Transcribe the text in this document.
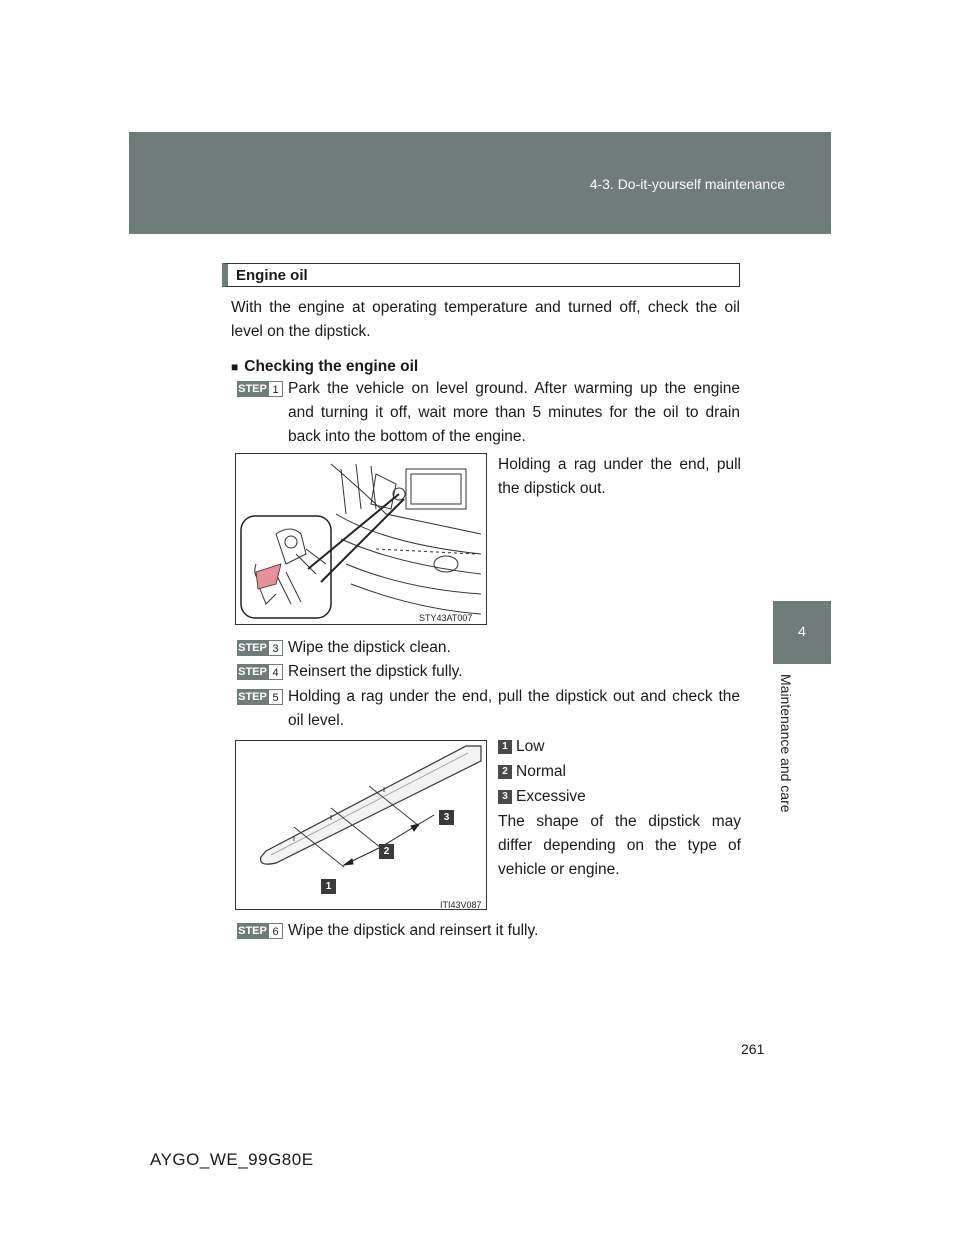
4-3. Do-it-yourself maintenance
4
Maintenance and care
Engine oil
With the engine at operating temperature and turned off, check the oil level on the dipstick.
■ Checking the engine oil
STEP 1 Park the vehicle on level ground. After warming up the engine and turning it off, wait more than 5 minutes for the oil to drain back into the bottom of the engine.
STY43AT007
Holding a rag under the end, pull the dipstick out.
STEP 3 Wipe the dipstick clean.
STEP 4 Reinsert the dipstick fully.
STEP 5 Holding a rag under the end, pull the dipstick out and check the oil level.
1
2
3
ITI43V087
1 Low
2 Normal
3 Excessive
The shape of the dipstick may differ depending on the type of vehicle or engine.
STEP 6 Wipe the dipstick and reinsert it fully.
261
AYGO_WE_99G80E
